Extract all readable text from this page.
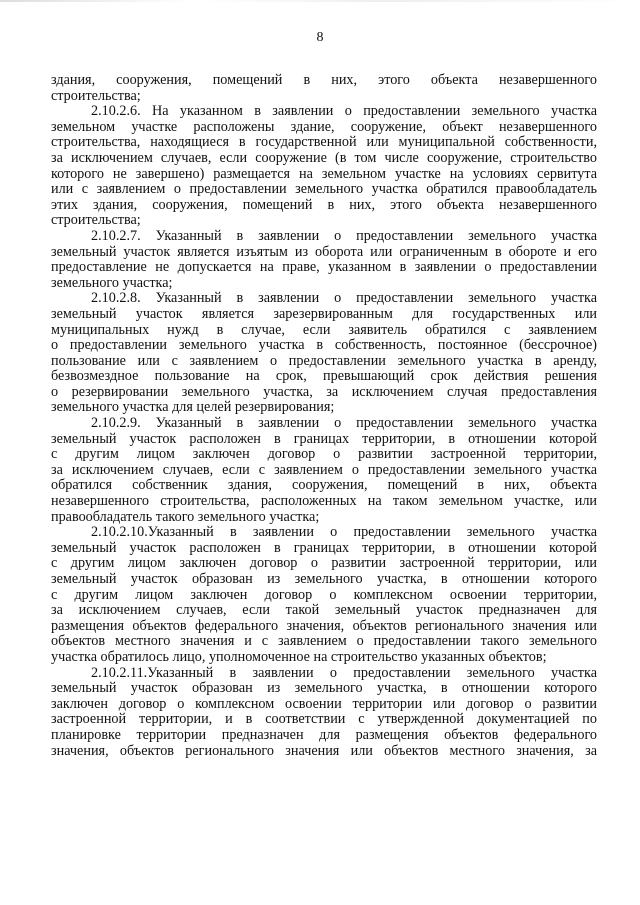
8
здания, сооружения, помещений в них, этого объекта незавершенного
строительства;
2.10.2.6. На указанном в заявлении о предоставлении земельного участка
земельном участке расположены здание, сооружение, объект незавершенного
строительства, находящиеся в государственной или муниципальной собственности,
за исключением случаев, если сооружение (в том числе сооружение, строительство
которого не завершено) размещается на земельном участке на условиях сервитута
или с заявлением о предоставлении земельного участка обратился правообладатель
этих здания, сооружения, помещений в них, этого объекта незавершенного
строительства;
2.10.2.7. Указанный в заявлении о предоставлении земельного участка
земельный участок является изъятым из оборота или ограниченным в обороте и его
предоставление не допускается на праве, указанном в заявлении о предоставлении
земельного участка;
2.10.2.8. Указанный в заявлении о предоставлении земельного участка
земельный участок является зарезервированным для государственных или
муниципальных нужд в случае, если заявитель обратился с заявлением
о предоставлении земельного участка в собственность, постоянное (бессрочное)
пользование или с заявлением о предоставлении земельного участка в аренду,
безвозмездное пользование на срок, превышающий срок действия решения
о резервировании земельного участка, за исключением случая предоставления
земельного участка для целей резервирования;
2.10.2.9. Указанный в заявлении о предоставлении земельного участка
земельный участок расположен в границах территории, в отношении которой
с другим лицом заключен договор о развитии застроенной территории,
за исключением случаев, если с заявлением о предоставлении земельного участка
обратился собственник здания, сооружения, помещений в них, объекта
незавершенного строительства, расположенных на таком земельном участке, или
правообладатель такого земельного участка;
2.10.2.10.Указанный в заявлении о предоставлении земельного участка
земельный участок расположен в границах территории, в отношении которой
с другим лицом заключен договор о развитии застроенной территории, или
земельный участок образован из земельного участка, в отношении которого
с другим лицом заключен договор о комплексном освоении территории,
за исключением случаев, если такой земельный участок предназначен для
размещения объектов федерального значения, объектов регионального значения или
объектов местного значения и с заявлением о предоставлении такого земельного
участка обратилось лицо, уполномоченное на строительство указанных объектов;
2.10.2.11.Указанный в заявлении о предоставлении земельного участка
земельный участок образован из земельного участка, в отношении которого
заключен договор о комплексном освоении территории или договор о развитии
застроенной территории, и в соответствии с утвержденной документацией по
планировке территории предназначен для размещения объектов федерального
значения, объектов регионального значения или объектов местного значения, за
